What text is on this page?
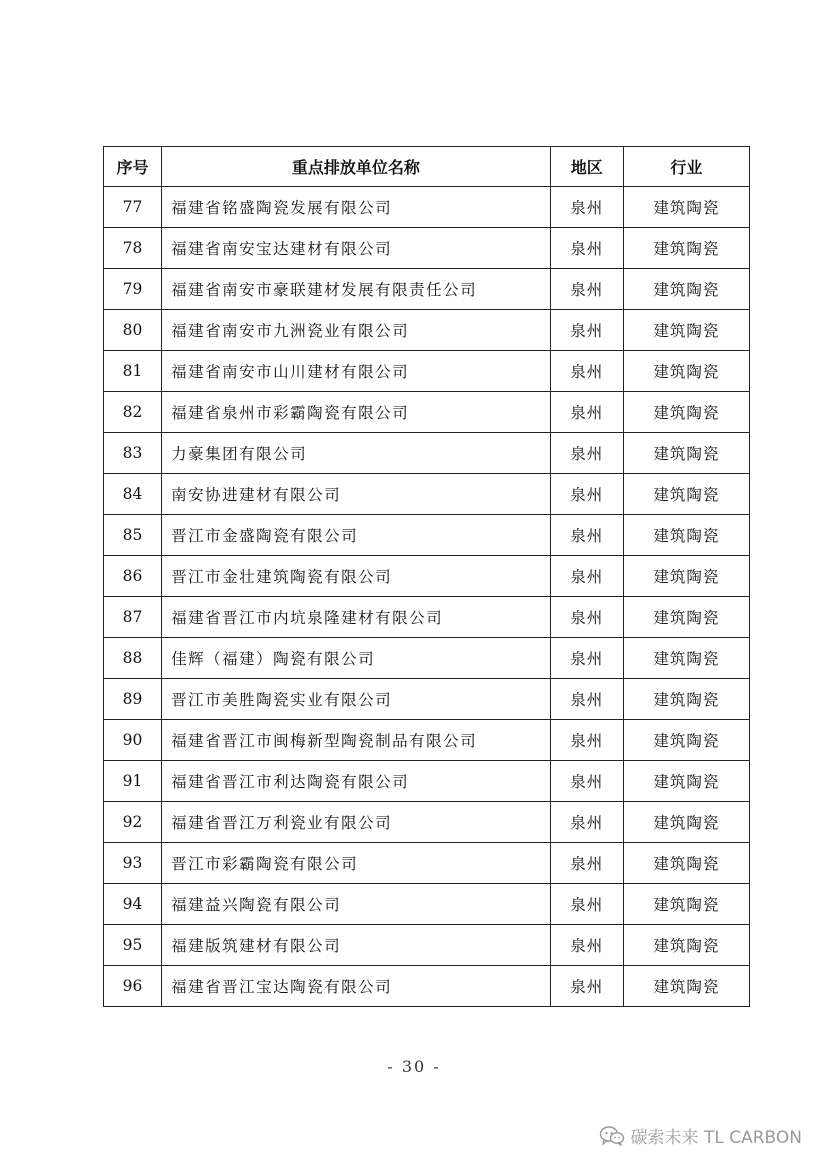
序号	重点排放单位名称	地区	行业
77	福建省铭盛陶瓷发展有限公司	泉州	建筑陶瓷
78	福建省南安宝达建材有限公司	泉州	建筑陶瓷
79	福建省南安市豪联建材发展有限责任公司	泉州	建筑陶瓷
80	福建省南安市九洲瓷业有限公司	泉州	建筑陶瓷
81	福建省南安市山川建材有限公司	泉州	建筑陶瓷
82	福建省泉州市彩霸陶瓷有限公司	泉州	建筑陶瓷
83	力豪集团有限公司	泉州	建筑陶瓷
84	南安协进建材有限公司	泉州	建筑陶瓷
85	晋江市金盛陶瓷有限公司	泉州	建筑陶瓷
86	晋江市金壮建筑陶瓷有限公司	泉州	建筑陶瓷
87	福建省晋江市内坑泉隆建材有限公司	泉州	建筑陶瓷
88	佳辉（福建）陶瓷有限公司	泉州	建筑陶瓷
89	晋江市美胜陶瓷实业有限公司	泉州	建筑陶瓷
90	福建省晋江市闽梅新型陶瓷制品有限公司	泉州	建筑陶瓷
91	福建省晋江市利达陶瓷有限公司	泉州	建筑陶瓷
92	福建省晋江万利瓷业有限公司	泉州	建筑陶瓷
93	晋江市彩霸陶瓷有限公司	泉州	建筑陶瓷
94	福建益兴陶瓷有限公司	泉州	建筑陶瓷
95	福建版筑建材有限公司	泉州	建筑陶瓷
96	福建省晋江宝达陶瓷有限公司	泉州	建筑陶瓷
- 30 -
碳索未来 TL CARBON
